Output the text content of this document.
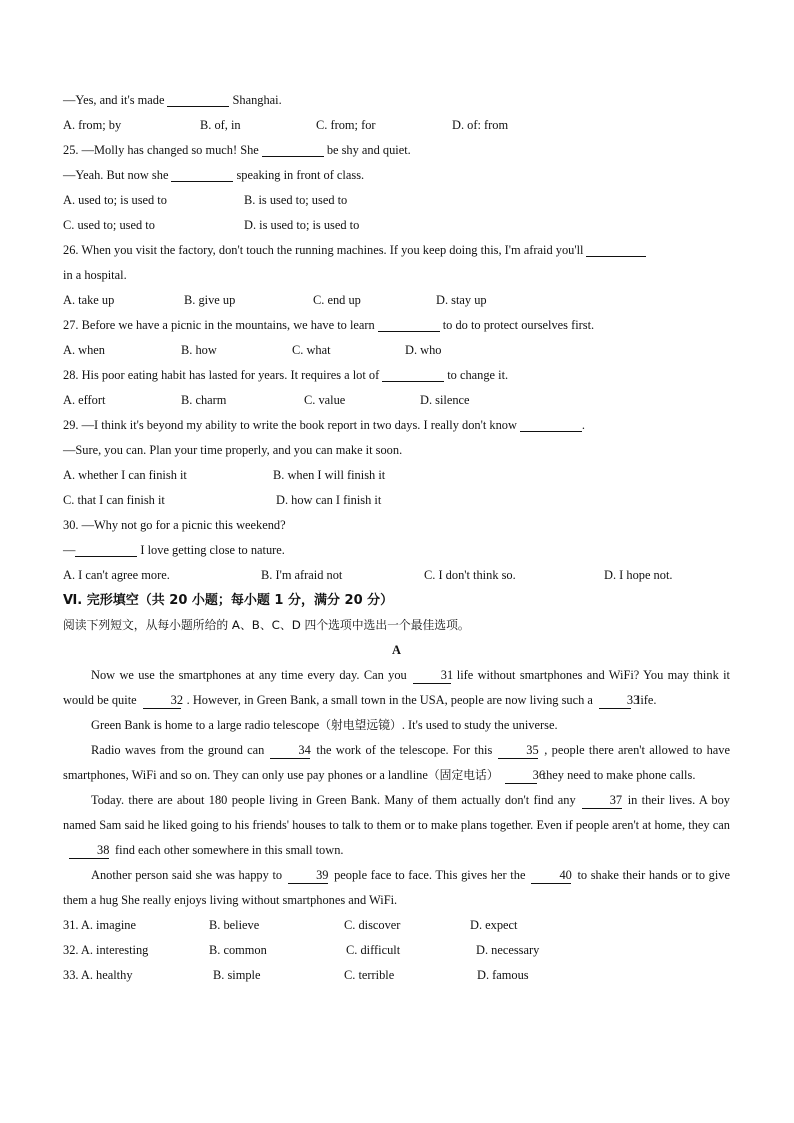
—Yes, and it's made	Shanghai.
A. from; by	B. of, in	C. from; for	D. of: from
25. —Molly has changed so much! She	be shy and quiet.
—Yeah. But now she	speaking in front of class.
A. used to; is used to	B. is used to; used to
C. used to; used to	D. is used to; is used to
26. When you visit the factory, don't touch the running machines. If you keep doing this, I'm afraid you'll
in a hospital.
A. take up	B. give up	C. end up	D. stay up
27. Before we have a picnic in the mountains, we have to learn	to do to protect ourselves first.
A. when	B. how	C. what	D. who
28. His poor eating habit has lasted for years. It requires a lot of	to change it.
A. effort	B. charm	C. value	D. silence
29. —I think it's beyond my ability to write the book report in two days. I really don't know	.
—Sure, you can. Plan your time properly, and you can make it soon.
A. whether I can finish it	B. when I will finish it
C. that I can finish it	D. how can I finish it
30. —Why not go for a picnic this weekend?
—	I love getting close to nature.
A. I can't agree more.	B. I'm afraid not	C. I don't think so.	D. I hope not.
Ⅵ. 完形填空（共 20 小题；每小题 1 分，满分 20 分）
阅读下列短文，从每小题所给的 A、B、C、D 四个选项中选出一个最佳选项。
A

Now we use the smartphones at any time every day. Can you	31 life without smartphones and WiFi? You may think it would be quite	32 . However, in Green Bank, a small town in the USA, people are now living such a	33life.

Green Bank is home to a large radio telescope（射电望远镜）. It's used to study the universe.

Radio waves from the ground can	34 the work of the telescope. For this	35 , people there aren't allowed to have smartphones, WiFi and so on. They can only use pay phones or a landline（固定电话）	36they need to make phone calls.

Today. there are about 180 people living in Green Bank. Many of them actually don't find any	37 in their lives. A boy named Sam said he liked going to his friends' houses to talk to them or to make plans together. Even if people aren't at home, they can38 find each other somewhere in this small town.

Another person said she was happy to	39 people face to face. This gives her the	40 to shake their hands or to give them a hug She really enjoys living without smartphones and WiFi.

31. A. imagine	B. believe	C. discover	D. expect
32. A. interesting	B. common	C. difficult	D. necessary
33. A. healthy	B. simple	C. terrible	D. famous
